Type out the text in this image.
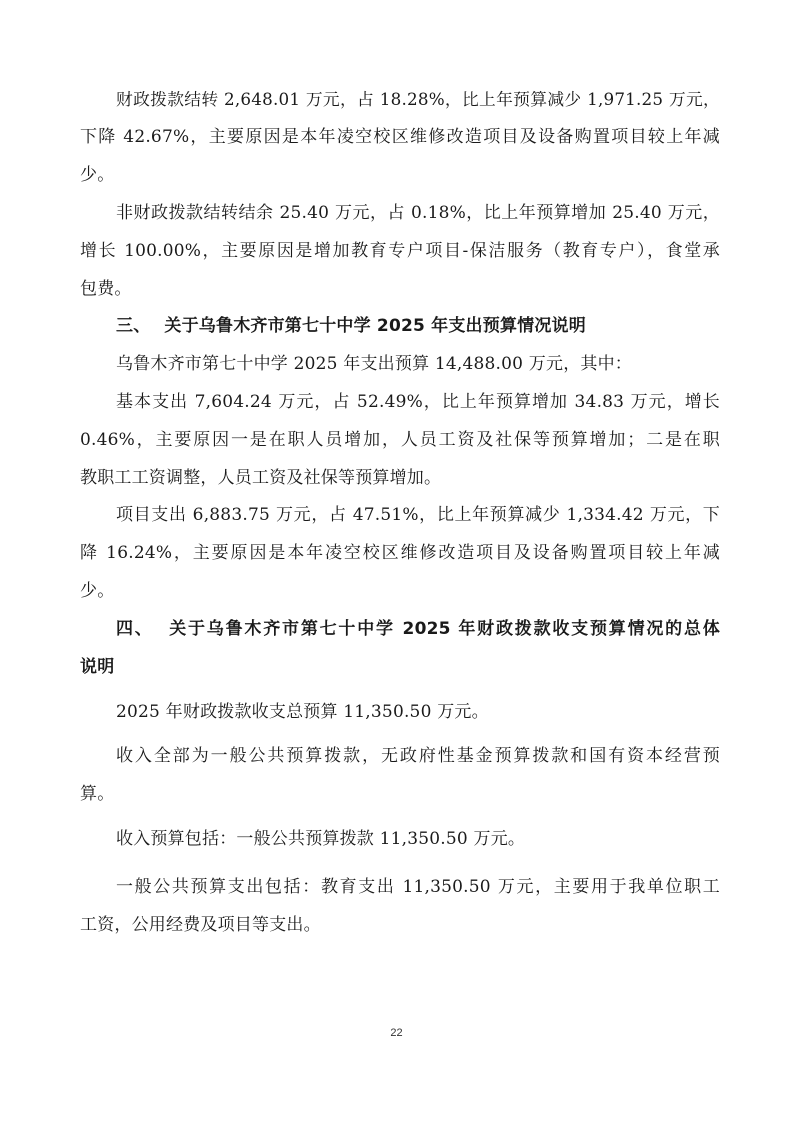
财政拨款结转 2,648.01 万元，占 18.28%，比上年预算减少 1,971.25 万元，
下降 42.67%，主要原因是本年凌空校区维修改造项目及设备购置项目较上年减
少。
非财政拨款结转结余 25.40 万元，占 0.18%，比上年预算增加 25.40 万元，
增长 100.00%，主要原因是增加教育专户项目-保洁服务（教育专户），食堂承
包费。
三、 关于乌鲁木齐市第七十中学 2025 年支出预算情况说明
乌鲁木齐市第七十中学 2025 年支出预算 14,488.00 万元，其中：
基本支出 7,604.24 万元，占 52.49%，比上年预算增加 34.83 万元，增长
0.46%，主要原因一是在职人员增加，人员工资及社保等预算增加；二是在职
教职工工资调整，人员工资及社保等预算增加。
项目支出 6,883.75 万元，占 47.51%，比上年预算减少 1,334.42 万元，下
降 16.24%，主要原因是本年凌空校区维修改造项目及设备购置项目较上年减
少。
四、 关于乌鲁木齐市第七十中学 2025 年财政拨款收支预算情况的总体
说明
2025 年财政拨款收支总预算 11,350.50 万元。
收入全部为一般公共预算拨款，无政府性基金预算拨款和国有资本经营预
算。
收入预算包括：一般公共预算拨款 11,350.50 万元。
一般公共预算支出包括：教育支出 11,350.50 万元，主要用于我单位职工
工资，公用经费及项目等支出。
22
